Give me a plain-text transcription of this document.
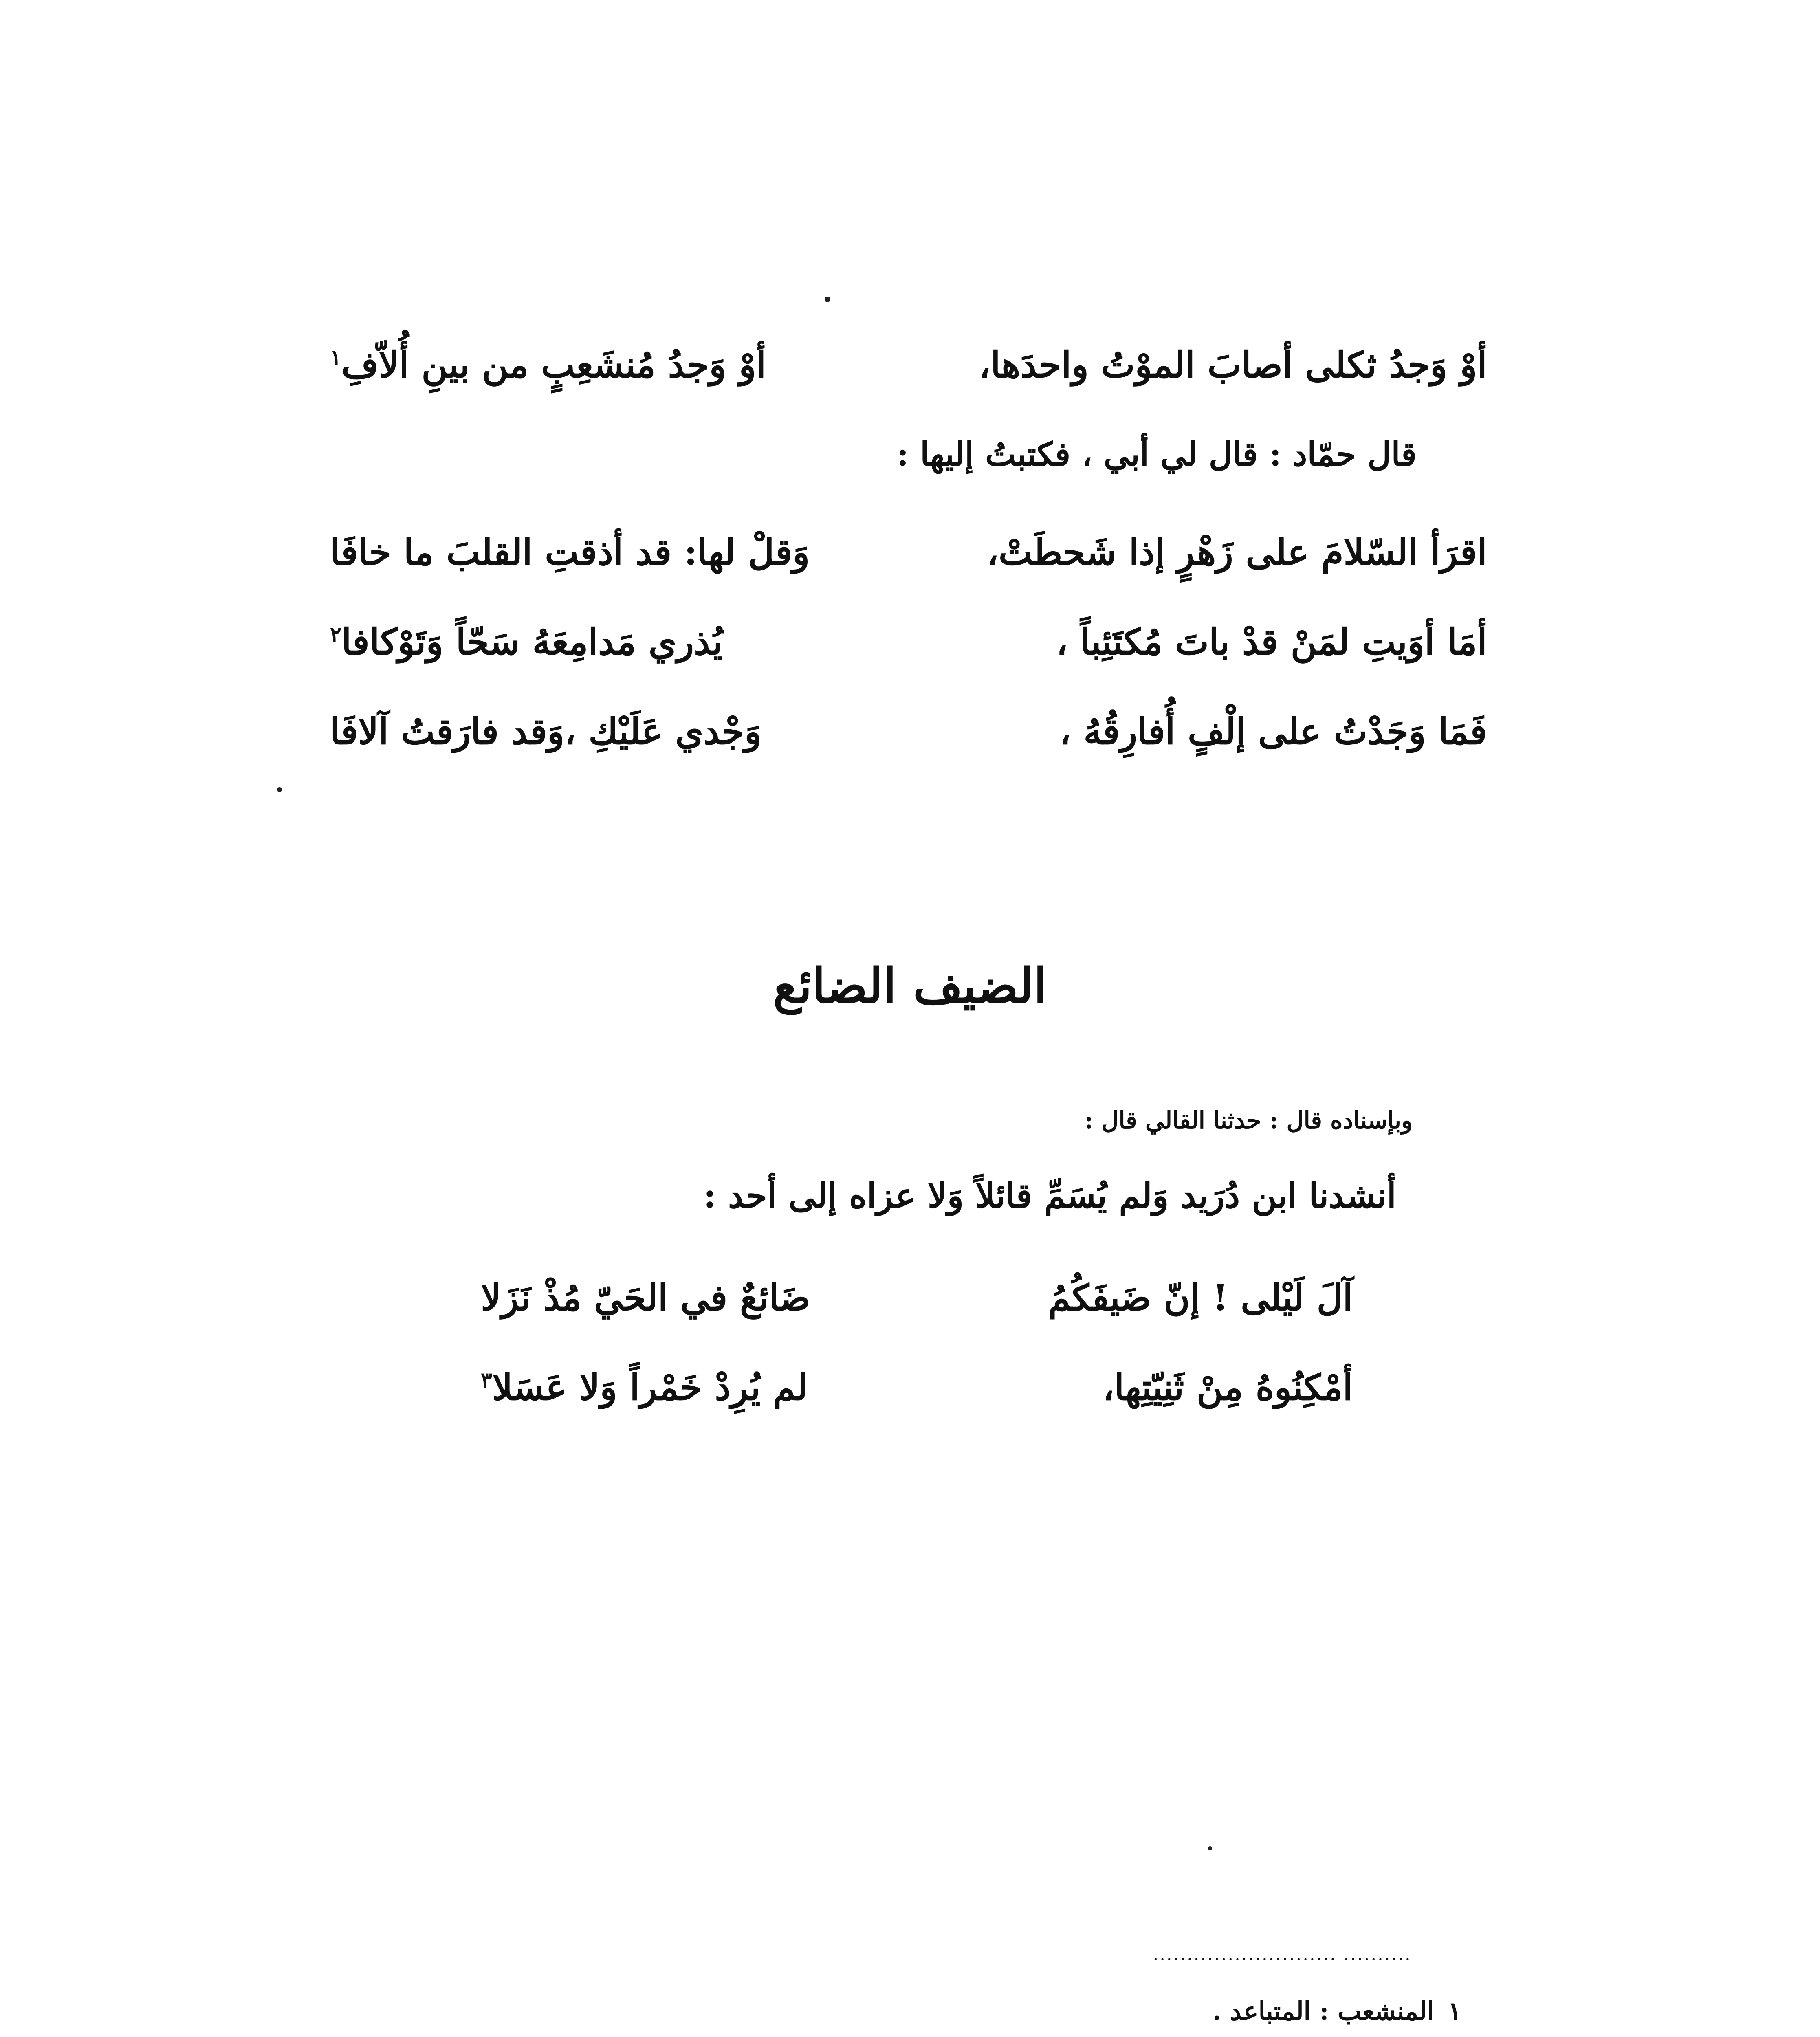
أوْ وَجدُ ثكلى أصابَ الموْتُ واحدَها،
أوْ وَجدُ مُنشَعِبٍ من بينِ أُلاّفِ$^١$
قال حمّاد : قال لي أبي ، فكتبتُ إليها :
اقرَأ السّلامَ على زَهْرٍ إذا شَحطَتْ،
وَقلْ لها: قد أذقتِ القلبَ ما خافَا
أمَا أوَيتِ لمَنْ قدْ باتَ مُكتَئِباً ،
يُذري مَدامِعَهُ سَحّاً وَتَوْكافا$^٢$
فَمَا وَجَدْتُ على إلْفٍ أُفارِقُهُ ،
وَجْدي عَلَيْكِ ،وَقد فارَقتُ آلافَا
الضيف الضائع
وبإسناده قال : حدثنا القالي قال :
أنشدنا ابن دُرَيد وَلم يُسَمِّ قائلاً وَلا عزاه إلى أحد :
آلَ لَيْلى ! إنّ ضَيفَكُمُ
ضَائعٌ في الحَيّ مُذْ نَزَلا
أمْكِنُوهُ مِنْ ثَنِيّتِها،
لم يُرِدْ خَمْراً وَلا عَسَلا$^٣$
........................... ..........
١المنشعب : المتباعد .
